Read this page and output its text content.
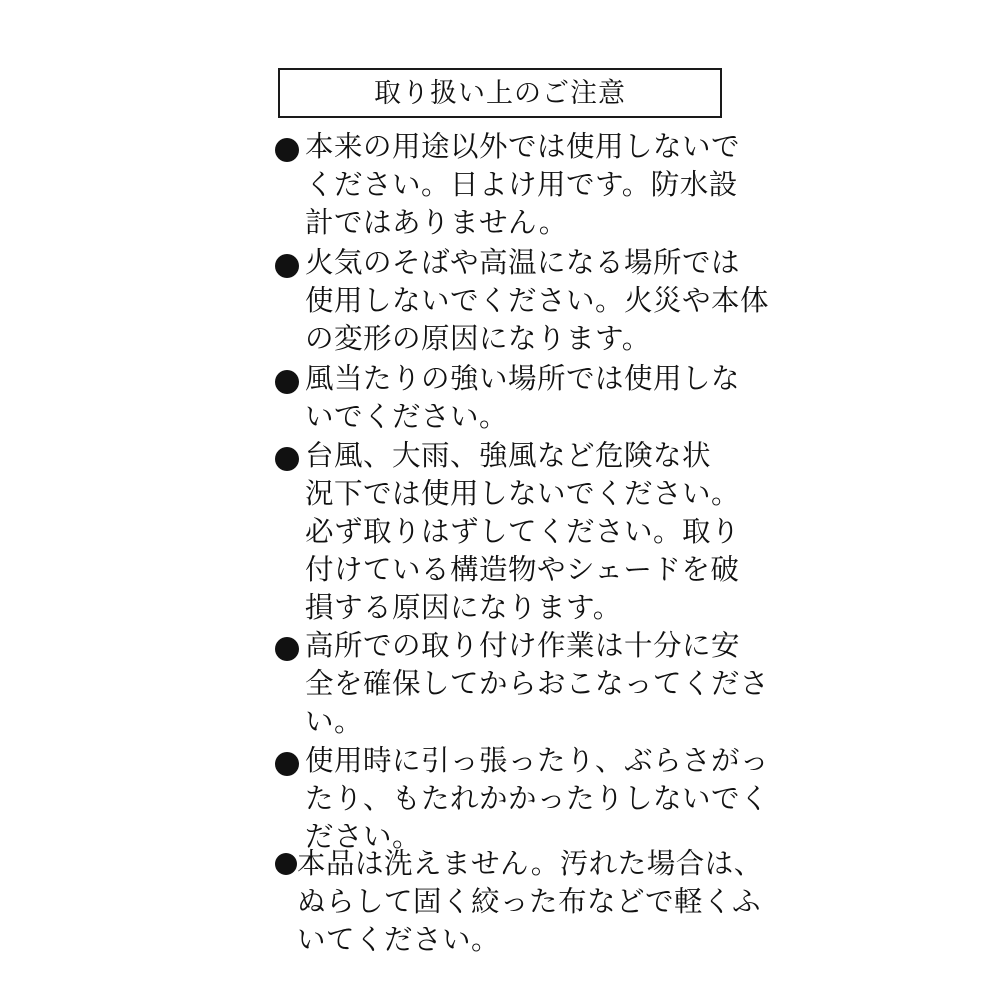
取り扱い上のご注意
本来の用途以外では使用しないで
ください。日よけ用です。防水設
計ではありません。
火気のそばや高温になる場所では
使用しないでください。火災や本体
の変形の原因になります。
風当たりの強い場所では使用しな
いでください。
台風、大雨、強風など危険な状
況下では使用しないでください。
必ず取りはずしてください。取り
付けている構造物やシェードを破
損する原因になります。
高所での取り付け作業は十分に安
全を確保してからおこなってくださ
い。
使用時に引っ張ったり、ぶらさがっ
たり、もたれかかったりしないでく
ださい。
本品は洗えません。汚れた場合は、
ぬらして固く絞った布などで軽くふ
いてください。
